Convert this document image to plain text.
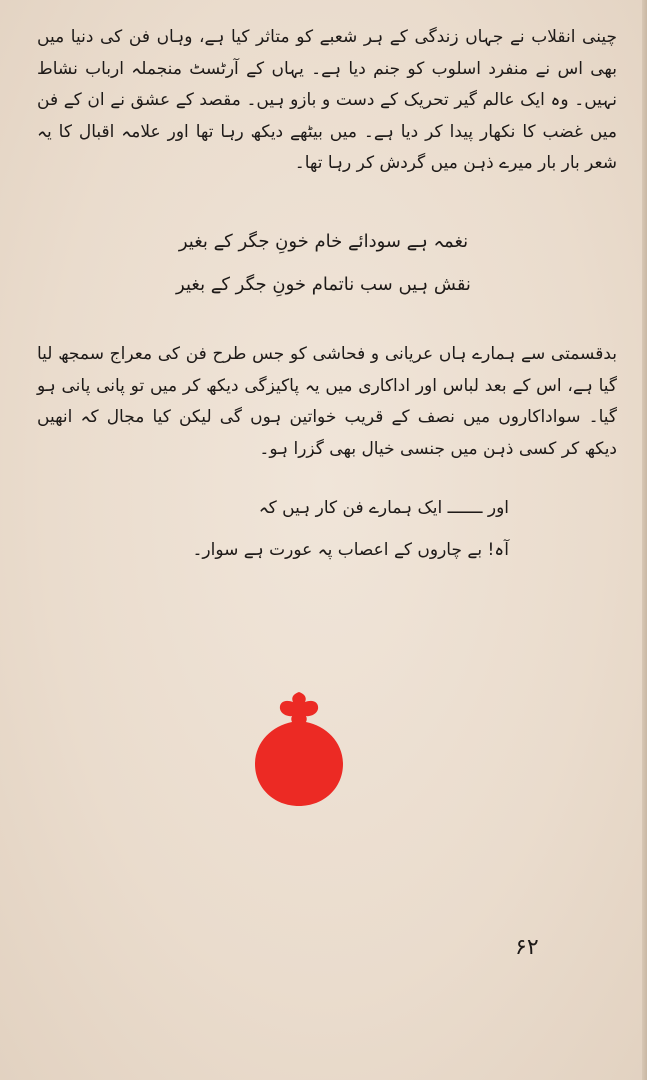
چینی انقلاب نے جہاں زندگی کے ہر شعبے کو متاثر کیا ہے، وہاں فن کی دنیا میں بھی اس نے منفرد اسلوب کو جنم دیا ہے۔ یہاں کے آرٹسٹ منجملہ ارباب نشاط نہیں۔ وہ ایک عالم گیر تحریک کے دست و بازو ہیں۔ مقصد کے عشق نے ان کے فن میں غضب کا نکھار پیدا کر دیا ہے۔ میں بیٹھے دیکھ رہا تھا اور علامہ اقبال کا یہ شعر بار بار میرے ذہن میں گردش کر رہا تھا۔

نغمہ ہے سودائے خام خونِ جگر کے بغیر
نقش ہیں سب ناتمام خونِ جگر کے بغیر

بدقسمتی سے ہمارے ہاں عریانی و فحاشی کو جس طرح فن کی معراج سمجھ لیا گیا ہے، اس کے بعد لباس اور اداکاری میں یہ پاکیزگی دیکھ کر میں تو پانی پانی ہو گیا۔ سواداکاروں میں نصف کے قریب خواتین ہوں گی لیکن کیا مجال کہ انھیں دیکھ کر کسی ذہن میں جنسی خیال بھی گزرا ہو۔

اور ـــــــ ایک ہمارے فن کار ہیں کہ
آہ! بے چاروں کے اعصاب پہ عورت ہے سوار۔
۶۲
